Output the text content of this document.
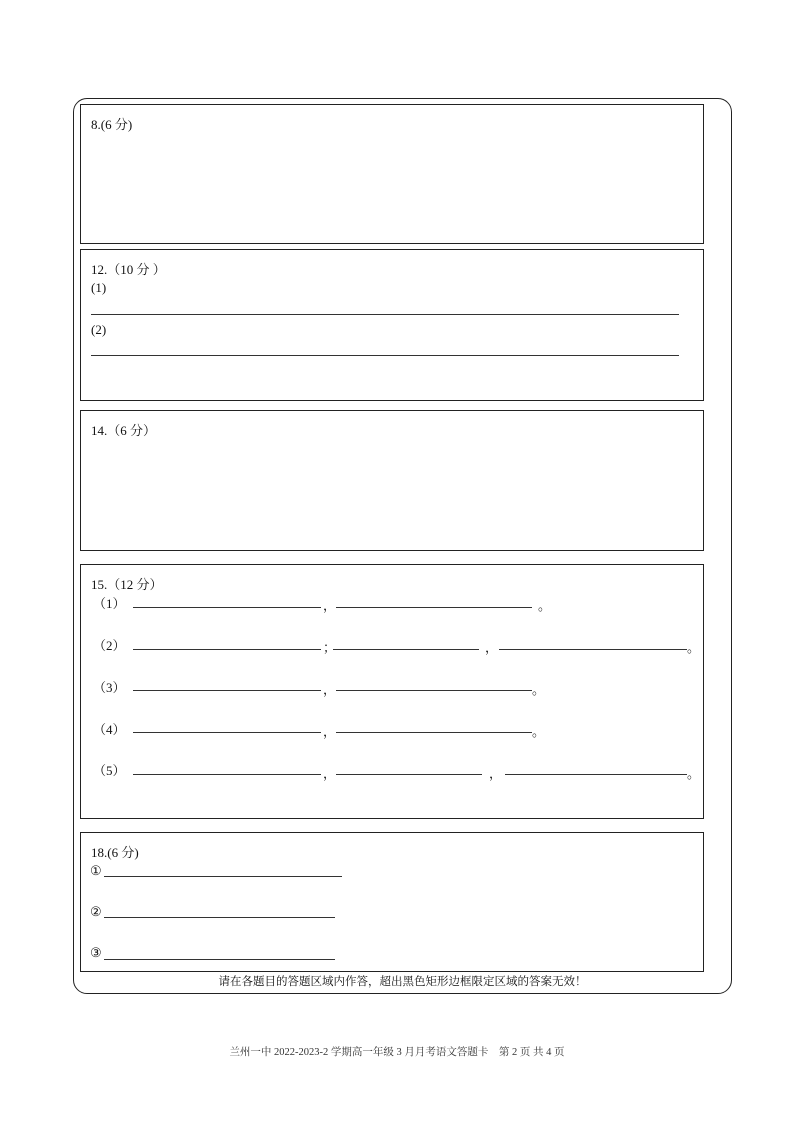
8.(6 分)
12.（10 分 ）
(1)
(2)
14.（6 分）
15.（12 分）
（1）	，	。
（2）	；	，	。
（3）	，	。
（4）	，	。
（5）	，	，	。
18.(6 分)
①
②
③
请在各题目的答题区域内作答，超出黑色矩形边框限定区域的答案无效！
兰州一中 2022-2023-2 学期高一年级 3 月月考语文答题卡　第 2 页 共 4 页
